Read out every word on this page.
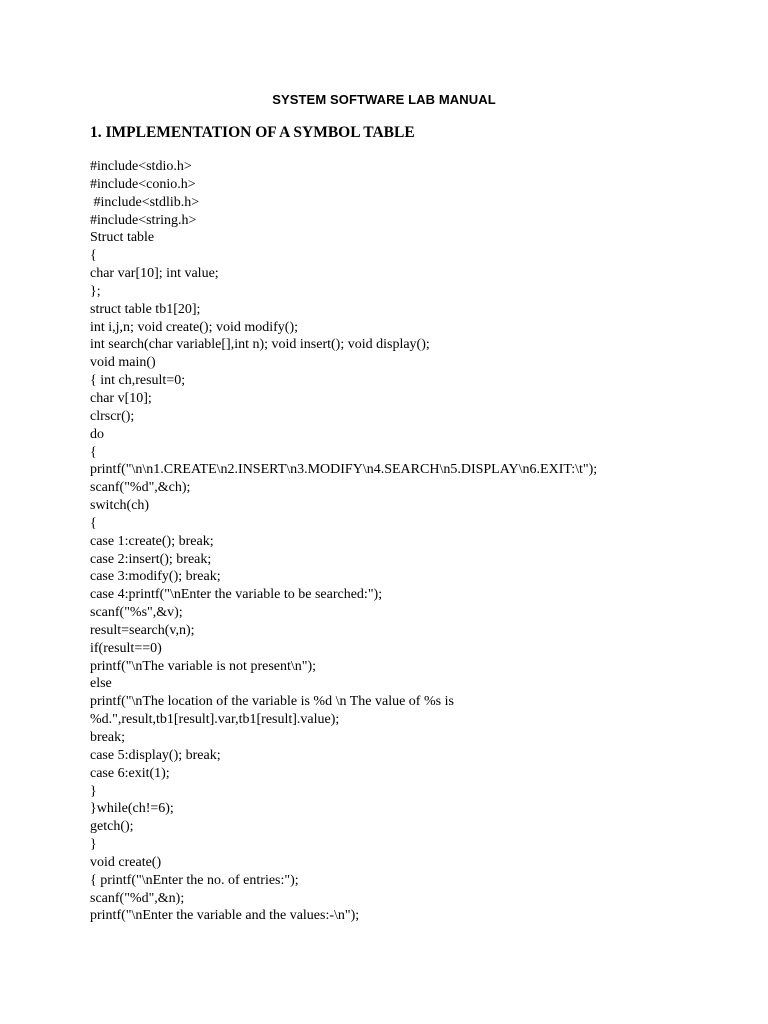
SYSTEM SOFTWARE LAB MANUAL
1. IMPLEMENTATION OF A SYMBOL TABLE
#include<stdio.h>
#include<conio.h>
#include<stdlib.h>
#include<string.h>
Struct table
{
char var[10]; int value;
};
struct table tb1[20];
int i,j,n; void create(); void modify();
int search(char variable[],int n); void insert(); void display();
void main()
{ int ch,result=0;
char v[10];
clrscr();
do
{
printf("\n\n1.CREATE\n2.INSERT\n3.MODIFY\n4.SEARCH\n5.DISPLAY\n6.EXIT:\t");
scanf("%d",&ch);
switch(ch)
{
case 1:create(); break;
case 2:insert(); break;
case 3:modify(); break;
case 4:printf("\nEnter the variable to be searched:");
scanf("%s",&v);
result=search(v,n);
if(result==0)
printf("\nThe variable is not present\n");
else
printf("\nThe location of the variable is %d \n The value of %s is
%d.",result,tb1[result].var,tb1[result].value);
break;
case 5:display(); break;
case 6:exit(1);
}
}while(ch!=6);
getch();
}
void create()
{ printf("\nEnter the no. of entries:");
scanf("%d",&n);
printf("\nEnter the variable and the values:-\n");
